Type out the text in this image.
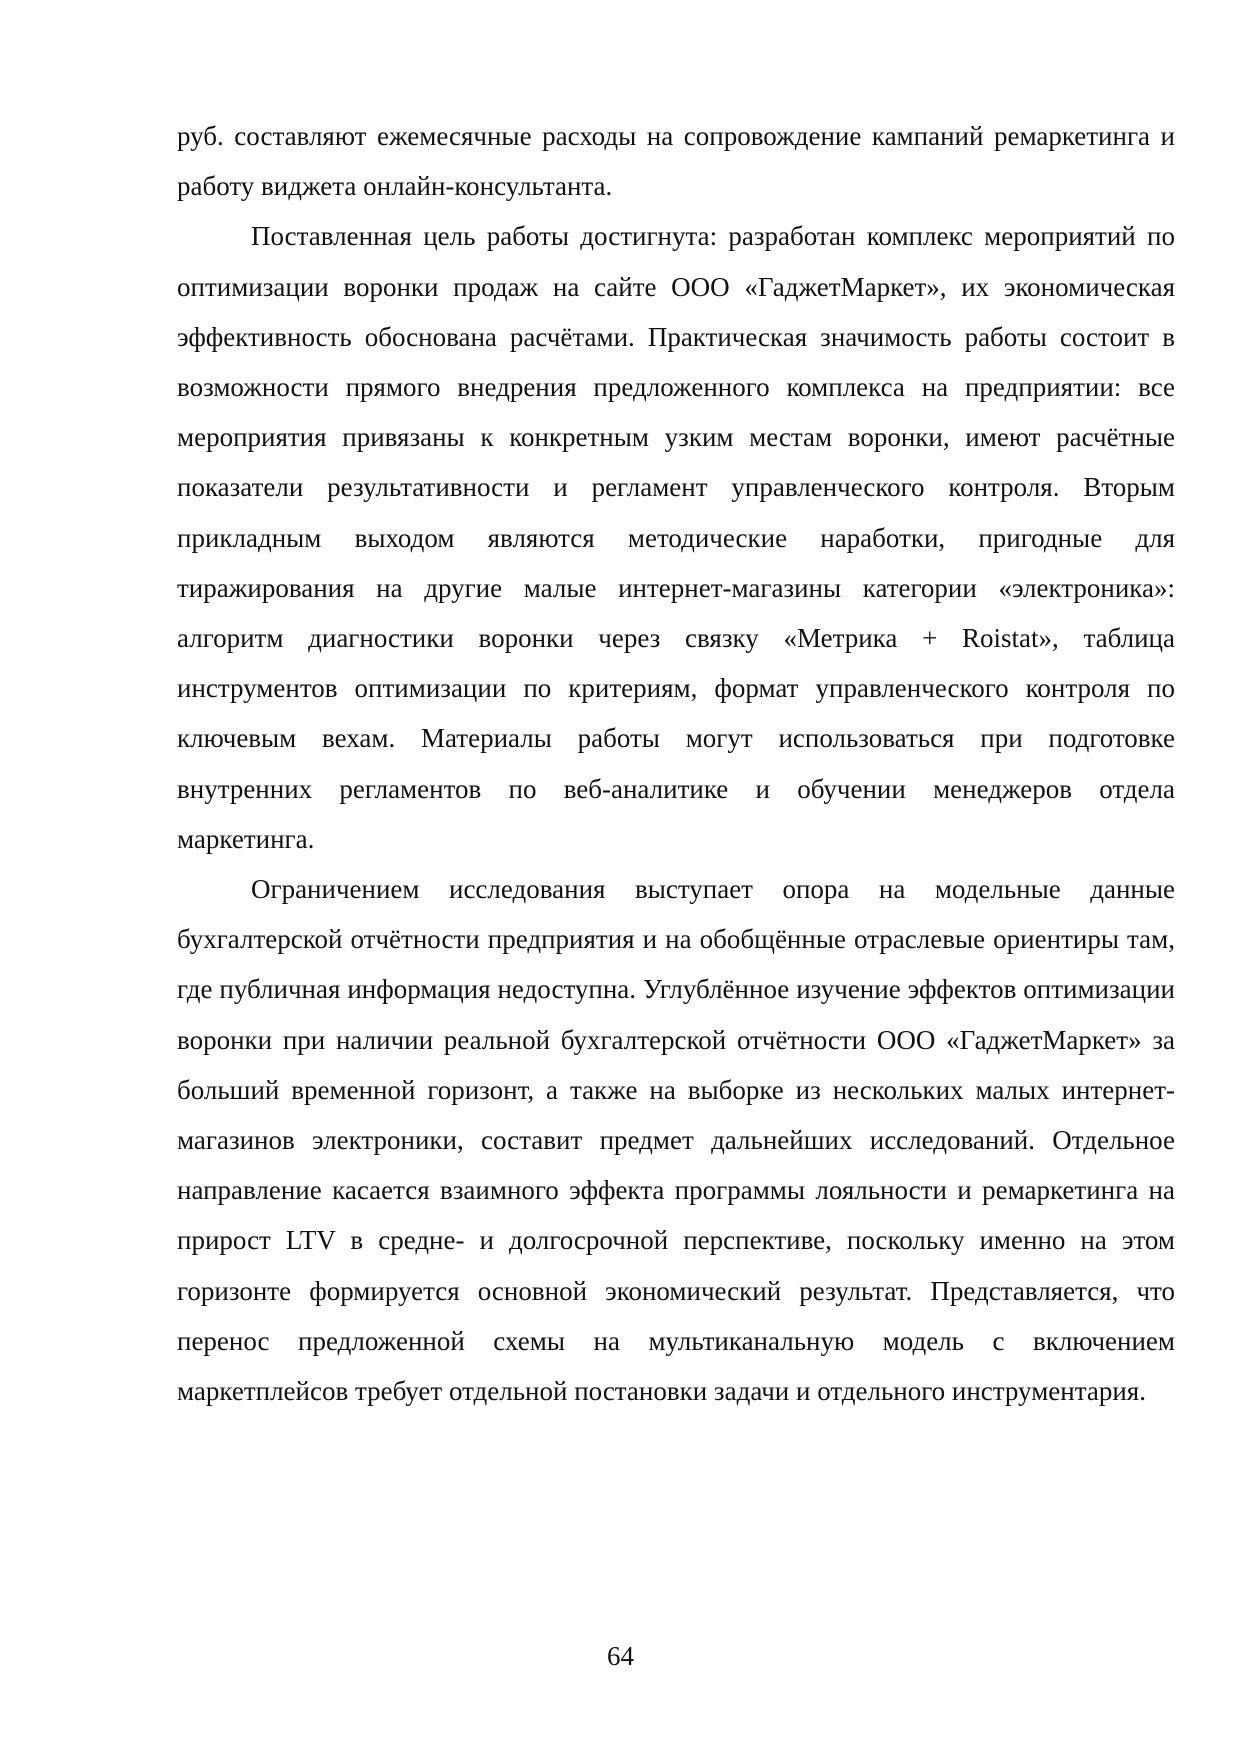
руб. составляют ежемесячные расходы на сопровождение кампаний ремаркетинга и работу виджета онлайн-консультанта.

Поставленная цель работы достигнута: разработан комплекс мероприятий по оптимизации воронки продаж на сайте ООО «ГаджетМаркет», их экономическая эффективность обоснована расчётами. Практическая значимость работы состоит в возможности прямого внедрения предложенного комплекса на предприятии: все мероприятия привязаны к конкретным узким местам воронки, имеют расчётные показатели результативности и регламент управленческого контроля. Вторым прикладным выходом являются методические наработки, пригодные для тиражирования на другие малые интернет-магазины категории «электроника»: алгоритм диагностики воронки через связку «Метрика + Roistat», таблица инструментов оптимизации по критериям, формат управленческого контроля по ключевым вехам. Материалы работы могут использоваться при подготовке внутренних регламентов по веб-аналитике и обучении менеджеров отдела маркетинга.

Ограничением исследования выступает опора на модельные данные бухгалтерской отчётности предприятия и на обобщённые отраслевые ориентиры там, где публичная информация недоступна. Углублённое изучение эффектов оптимизации воронки при наличии реальной бухгалтерской отчётности ООО «ГаджетМаркет» за больший временной горизонт, а также на выборке из нескольких малых интернет-магазинов электроники, составит предмет дальнейших исследований. Отдельное направление касается взаимного эффекта программы лояльности и ремаркетинга на прирост LTV в средне- и долгосрочной перспективе, поскольку именно на этом горизонте формируется основной экономический результат. Представляется, что перенос предложенной схемы на мультиканальную модель с включением маркетплейсов требует отдельной постановки задачи и отдельного инструментария.

64
